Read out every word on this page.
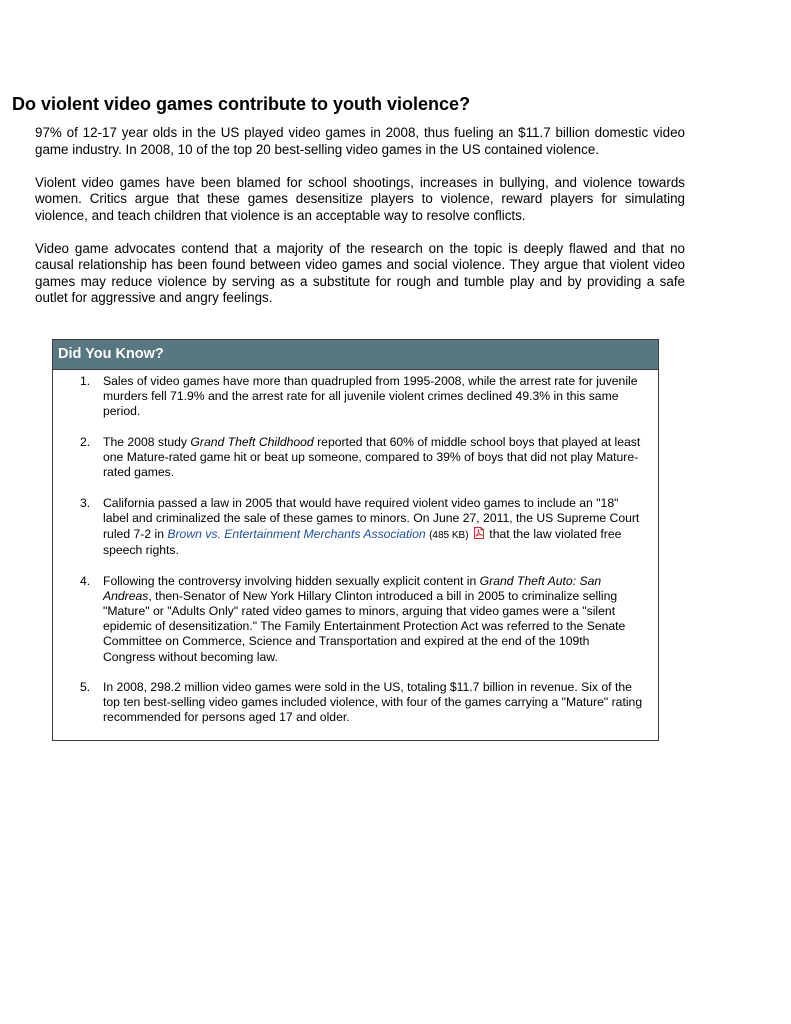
Do violent video games contribute to youth violence?

97% of 12-17 year olds in the US played video games in 2008, thus fueling an $11.7 billion domestic video game industry. In 2008, 10 of the top 20 best-selling video games in the US contained violence.

Violent video games have been blamed for school shootings, increases in bullying, and violence towards women. Critics argue that these games desensitize players to violence, reward players for simulating violence, and teach children that violence is an acceptable way to resolve conflicts.

Video game advocates contend that a majority of the research on the topic is deeply flawed and that no causal relationship has been found between video games and social violence. They argue that violent video games may reduce violence by serving as a substitute for rough and tumble play and by providing a safe outlet for aggressive and angry feelings.

Did You Know?
1. Sales of video games have more than quadrupled from 1995-2008, while the arrest rate for juvenile murders fell 71.9% and the arrest rate for all juvenile violent crimes declined 49.3% in this same period.
2. The 2008 study Grand Theft Childhood reported that 60% of middle school boys that played at least one Mature-rated game hit or beat up someone, compared to 39% of boys that did not play Mature-rated games.
3. California passed a law in 2005 that would have required violent video games to include an "18" label and criminalized the sale of these games to minors. On June 27, 2011, the US Supreme Court ruled 7-2 in Brown vs. Entertainment Merchants Association (485 KB)  that the law violated free speech rights.
4. Following the controversy involving hidden sexually explicit content in Grand Theft Auto: San Andreas, then-Senator of New York Hillary Clinton introduced a bill in 2005 to criminalize selling "Mature" or "Adults Only" rated video games to minors, arguing that video games were a "silent epidemic of desensitization." The Family Entertainment Protection Act was referred to the Senate Committee on Commerce, Science and Transportation and expired at the end of the 109th Congress without becoming law.
5. In 2008, 298.2 million video games were sold in the US, totaling $11.7 billion in revenue. Six of the top ten best-selling video games included violence, with four of the games carrying a "Mature" rating recommended for persons aged 17 and older.
